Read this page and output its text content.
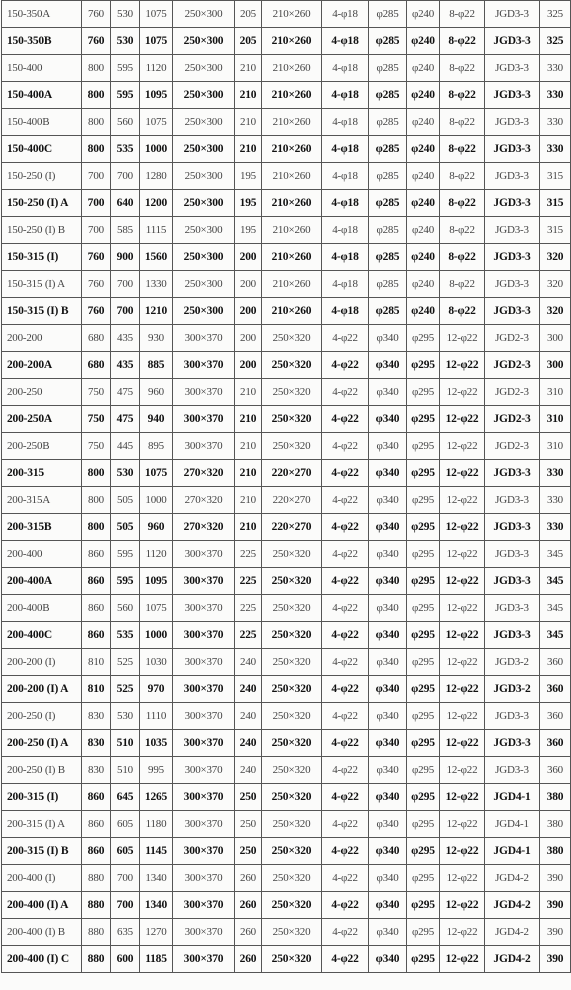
150-350A	760	530	1075	250×300	205	210×260	4-φ18	φ285	φ240	8-φ22	JGD3-3	325
150-350B	760	530	1075	250×300	205	210×260	4-φ18	φ285	φ240	8-φ22	JGD3-3	325
150-400	800	595	1120	250×300	210	210×260	4-φ18	φ285	φ240	8-φ22	JGD3-3	330
150-400A	800	595	1095	250×300	210	210×260	4-φ18	φ285	φ240	8-φ22	JGD3-3	330
150-400B	800	560	1075	250×300	210	210×260	4-φ18	φ285	φ240	8-φ22	JGD3-3	330
150-400C	800	535	1000	250×300	210	210×260	4-φ18	φ285	φ240	8-φ22	JGD3-3	330
150-250 (I)	700	700	1280	250×300	195	210×260	4-φ18	φ285	φ240	8-φ22	JGD3-3	315
150-250 (I) A	700	640	1200	250×300	195	210×260	4-φ18	φ285	φ240	8-φ22	JGD3-3	315
150-250 (I) B	700	585	1115	250×300	195	210×260	4-φ18	φ285	φ240	8-φ22	JGD3-3	315
150-315 (I)	760	900	1560	250×300	200	210×260	4-φ18	φ285	φ240	8-φ22	JGD3-3	320
150-315 (I) A	760	700	1330	250×300	200	210×260	4-φ18	φ285	φ240	8-φ22	JGD3-3	320
150-315 (I) B	760	700	1210	250×300	200	210×260	4-φ18	φ285	φ240	8-φ22	JGD3-3	320
200-200	680	435	930	300×370	200	250×320	4-φ22	φ340	φ295	12-φ22	JGD2-3	300
200-200A	680	435	885	300×370	200	250×320	4-φ22	φ340	φ295	12-φ22	JGD2-3	300
200-250	750	475	960	300×370	210	250×320	4-φ22	φ340	φ295	12-φ22	JGD2-3	310
200-250A	750	475	940	300×370	210	250×320	4-φ22	φ340	φ295	12-φ22	JGD2-3	310
200-250B	750	445	895	300×370	210	250×320	4-φ22	φ340	φ295	12-φ22	JGD2-3	310
200-315	800	530	1075	270×320	210	220×270	4-φ22	φ340	φ295	12-φ22	JGD3-3	330
200-315A	800	505	1000	270×320	210	220×270	4-φ22	φ340	φ295	12-φ22	JGD3-3	330
200-315B	800	505	960	270×320	210	220×270	4-φ22	φ340	φ295	12-φ22	JGD3-3	330
200-400	860	595	1120	300×370	225	250×320	4-φ22	φ340	φ295	12-φ22	JGD3-3	345
200-400A	860	595	1095	300×370	225	250×320	4-φ22	φ340	φ295	12-φ22	JGD3-3	345
200-400B	860	560	1075	300×370	225	250×320	4-φ22	φ340	φ295	12-φ22	JGD3-3	345
200-400C	860	535	1000	300×370	225	250×320	4-φ22	φ340	φ295	12-φ22	JGD3-3	345
200-200 (I)	810	525	1030	300×370	240	250×320	4-φ22	φ340	φ295	12-φ22	JGD3-2	360
200-200 (I) A	810	525	970	300×370	240	250×320	4-φ22	φ340	φ295	12-φ22	JGD3-2	360
200-250 (I)	830	530	1110	300×370	240	250×320	4-φ22	φ340	φ295	12-φ22	JGD3-3	360
200-250 (I) A	830	510	1035	300×370	240	250×320	4-φ22	φ340	φ295	12-φ22	JGD3-3	360
200-250 (I) B	830	510	995	300×370	240	250×320	4-φ22	φ340	φ295	12-φ22	JGD3-3	360
200-315 (I)	860	645	1265	300×370	250	250×320	4-φ22	φ340	φ295	12-φ22	JGD4-1	380
200-315 (I) A	860	605	1180	300×370	250	250×320	4-φ22	φ340	φ295	12-φ22	JGD4-1	380
200-315 (I) B	860	605	1145	300×370	250	250×320	4-φ22	φ340	φ295	12-φ22	JGD4-1	380
200-400 (I)	880	700	1340	300×370	260	250×320	4-φ22	φ340	φ295	12-φ22	JGD4-2	390
200-400 (I) A	880	700	1340	300×370	260	250×320	4-φ22	φ340	φ295	12-φ22	JGD4-2	390
200-400 (I) B	880	635	1270	300×370	260	250×320	4-φ22	φ340	φ295	12-φ22	JGD4-2	390
200-400 (I) C	880	600	1185	300×370	260	250×320	4-φ22	φ340	φ295	12-φ22	JGD4-2	390
